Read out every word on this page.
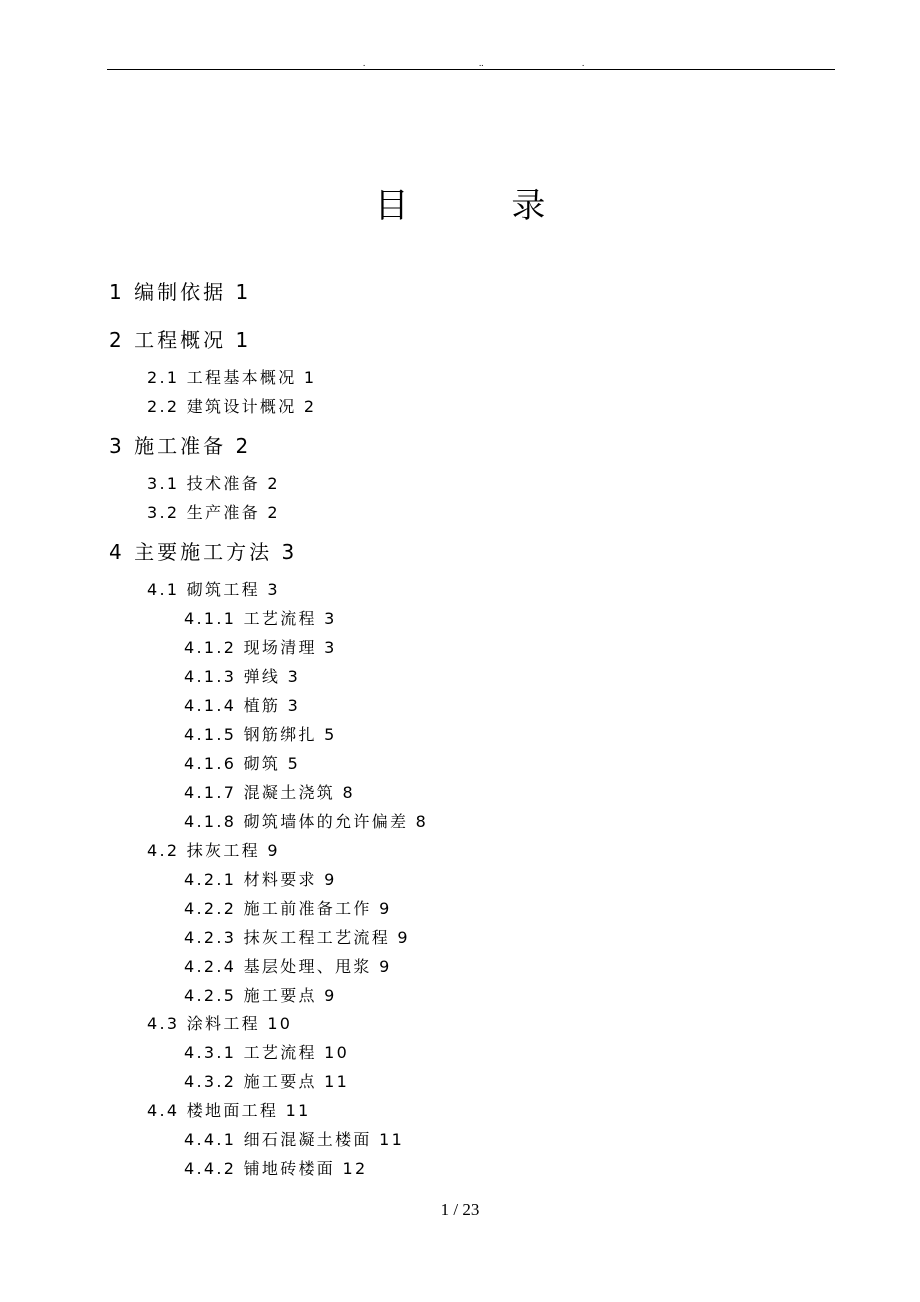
.	..	.
目 录
1 编制依据 1
2 工程概况 1
2.1 工程基本概况 1
2.2 建筑设计概况 2
3 施工准备 2
3.1 技术准备 2
3.2 生产准备 2
4 主要施工方法 3
4.1 砌筑工程 3
4.1.1 工艺流程 3
4.1.2 现场清理 3
4.1.3 弹线 3
4.1.4 植筋 3
4.1.5 钢筋绑扎 5
4.1.6 砌筑 5
4.1.7 混凝土浇筑 8
4.1.8 砌筑墙体的允许偏差 8
4.2 抹灰工程 9
4.2.1 材料要求 9
4.2.2 施工前准备工作 9
4.2.3 抹灰工程工艺流程 9
4.2.4 基层处理、甩浆 9
4.2.5 施工要点 9
4.3 涂料工程 10
4.3.1 工艺流程 10
4.3.2 施工要点 11
4.4 楼地面工程 11
4.4.1 细石混凝土楼面 11
4.4.2 铺地砖楼面 12
1 / 23
